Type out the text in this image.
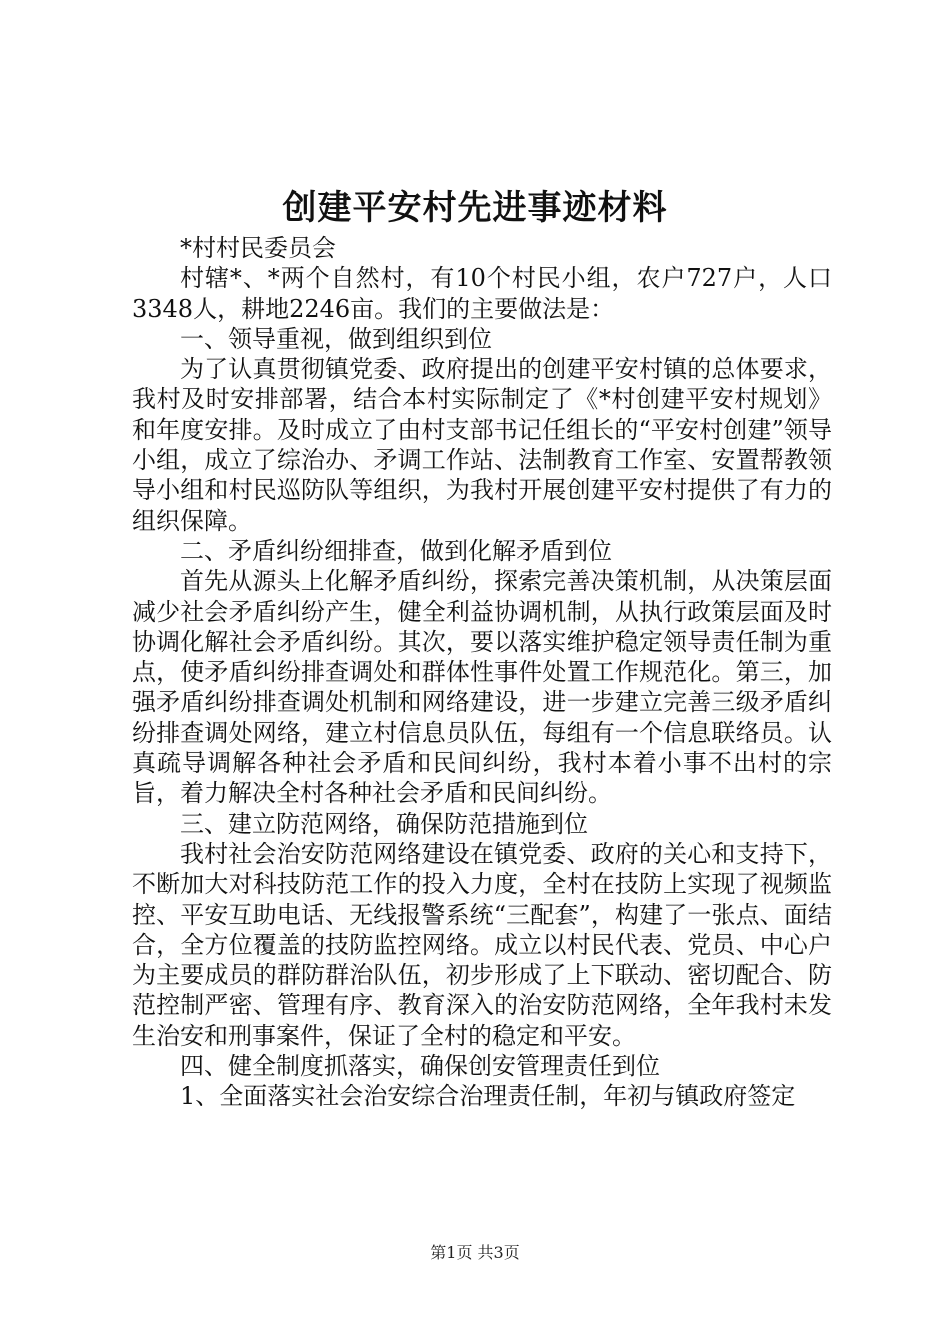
创建平安村先进事迹材料

*村村民委员会

村辖*、*两个自然村，有10个村民小组，农户727户，人口3348人，耕地2246亩。我们的主要做法是：

一、领导重视，做到组织到位

为了认真贯彻镇党委、政府提出的创建平安村镇的总体要求，我村及时安排部署，结合本村实际制定了《*村创建平安村规划》和年度安排。及时成立了由村支部书记任组长的“平安村创建”领导小组，成立了综治办、矛调工作站、法制教育工作室、安置帮教领导小组和村民巡防队等组织，为我村开展创建平安村提供了有力的组织保障。

二、矛盾纠纷细排查，做到化解矛盾到位

首先从源头上化解矛盾纠纷，探索完善决策机制，从决策层面减少社会矛盾纠纷产生，健全利益协调机制，从执行政策层面及时协调化解社会矛盾纠纷。其次，要以落实维护稳定领导责任制为重点，使矛盾纠纷排查调处和群体性事件处置工作规范化。第三，加强矛盾纠纷排查调处机制和网络建设，进一步建立完善三级矛盾纠纷排查调处网络，建立村信息员队伍，每组有一个信息联络员。认真疏导调解各种社会矛盾和民间纠纷，我村本着小事不出村的宗旨，着力解决全村各种社会矛盾和民间纠纷。

三、建立防范网络，确保防范措施到位

我村社会治安防范网络建设在镇党委、政府的关心和支持下，不断加大对科技防范工作的投入力度，全村在技防上实现了视频监控、平安互助电话、无线报警系统“三配套”，构建了一张点、面结合，全方位覆盖的技防监控网络。成立以村民代表、党员、中心户为主要成员的群防群治队伍，初步形成了上下联动、密切配合、防范控制严密、管理有序、教育深入的治安防范网络，全年我村未发生治安和刑事案件，保证了全村的稳定和平安。

四、健全制度抓落实，确保创安管理责任到位

1、全面落实社会治安综合治理责任制，年初与镇政府签定

第1页 共3页
